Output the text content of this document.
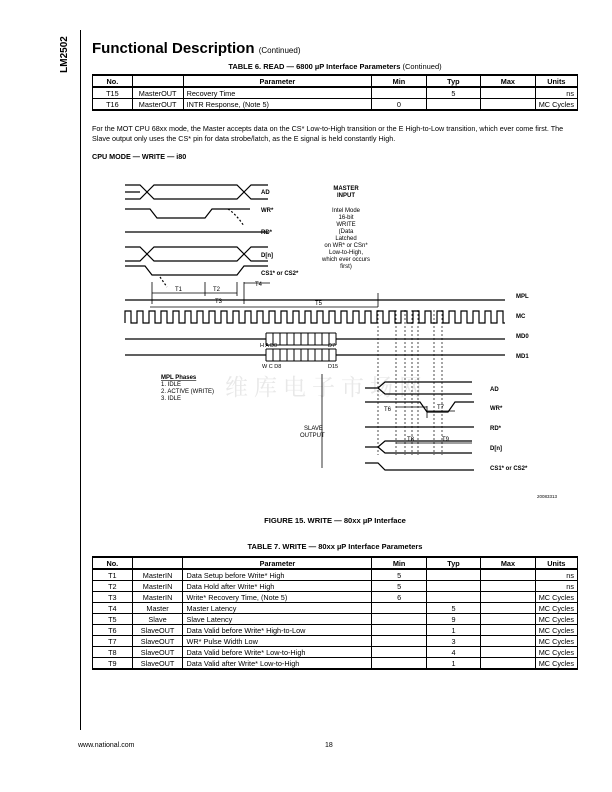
LM2502 Functional Description (Continued)
TABLE 6. READ — 6800 µP Interface Parameters (Continued)
No.		Parameter	Min	Typ	Max	Units
T15	MasterOUT	Recovery Time		5		ns
T16	MasterOUT	INTR Response, (Note 5)	0			MC Cycles
For the MOT CPU 68xx mode, the Master accepts data on the CS* Low-to-High transition or the E High-to-Low transition, which ever come first. The Slave output only uses the CS* pin for data strobe/latch, as the E signal is held constantly High.
CPU MODE — WRITE — i80
维库电子市场网
AD
WR*
RD*
D[n]
CS1* or CS2*
MASTER
INPUT
Intel Mode
16-bit
WRITE
(Data
Latched
on WR* or CSn*
Low-to-High,
which ever occurs
first)
T1	T2
T3
T4
T5
MPL
MC
MD0
MD1
H A D0	D7
W C D8	D15
MPL Phases
1. IDLE
2. ACTIVE (WRITE)
3. IDLE
SLAVE
OUTPUT
T6	T7
T8	T9
AD
WR*
RD*
D[n]
CS1* or CS2*
20083313
FIGURE 15. WRITE — 80xx µP Interface
TABLE 7. WRITE — 80xx µP Interface Parameters
No.		Parameter	Min	Typ	Max	Units
T1	MasterIN	Data Setup before Write* High	5			ns
T2	MasterIN	Data Hold after Write* High	5			ns
T3	MasterIN	Write* Recovery Time, (Note 5)	6			MC Cycles
T4	Master	Master Latency		5		MC Cycles
T5	Slave	Slave Latency		9		MC Cycles
T6	SlaveOUT	Data Valid before Write* High-to-Low		1		MC Cycles
T7	SlaveOUT	WR* Pulse Width Low		3		MC Cycles
T8	SlaveOUT	Data Valid before Write* Low-to-High		4		MC Cycles
T9	SlaveOUT	Data Valid after Write* Low-to-High		1		MC Cycles
www.national.com	18
